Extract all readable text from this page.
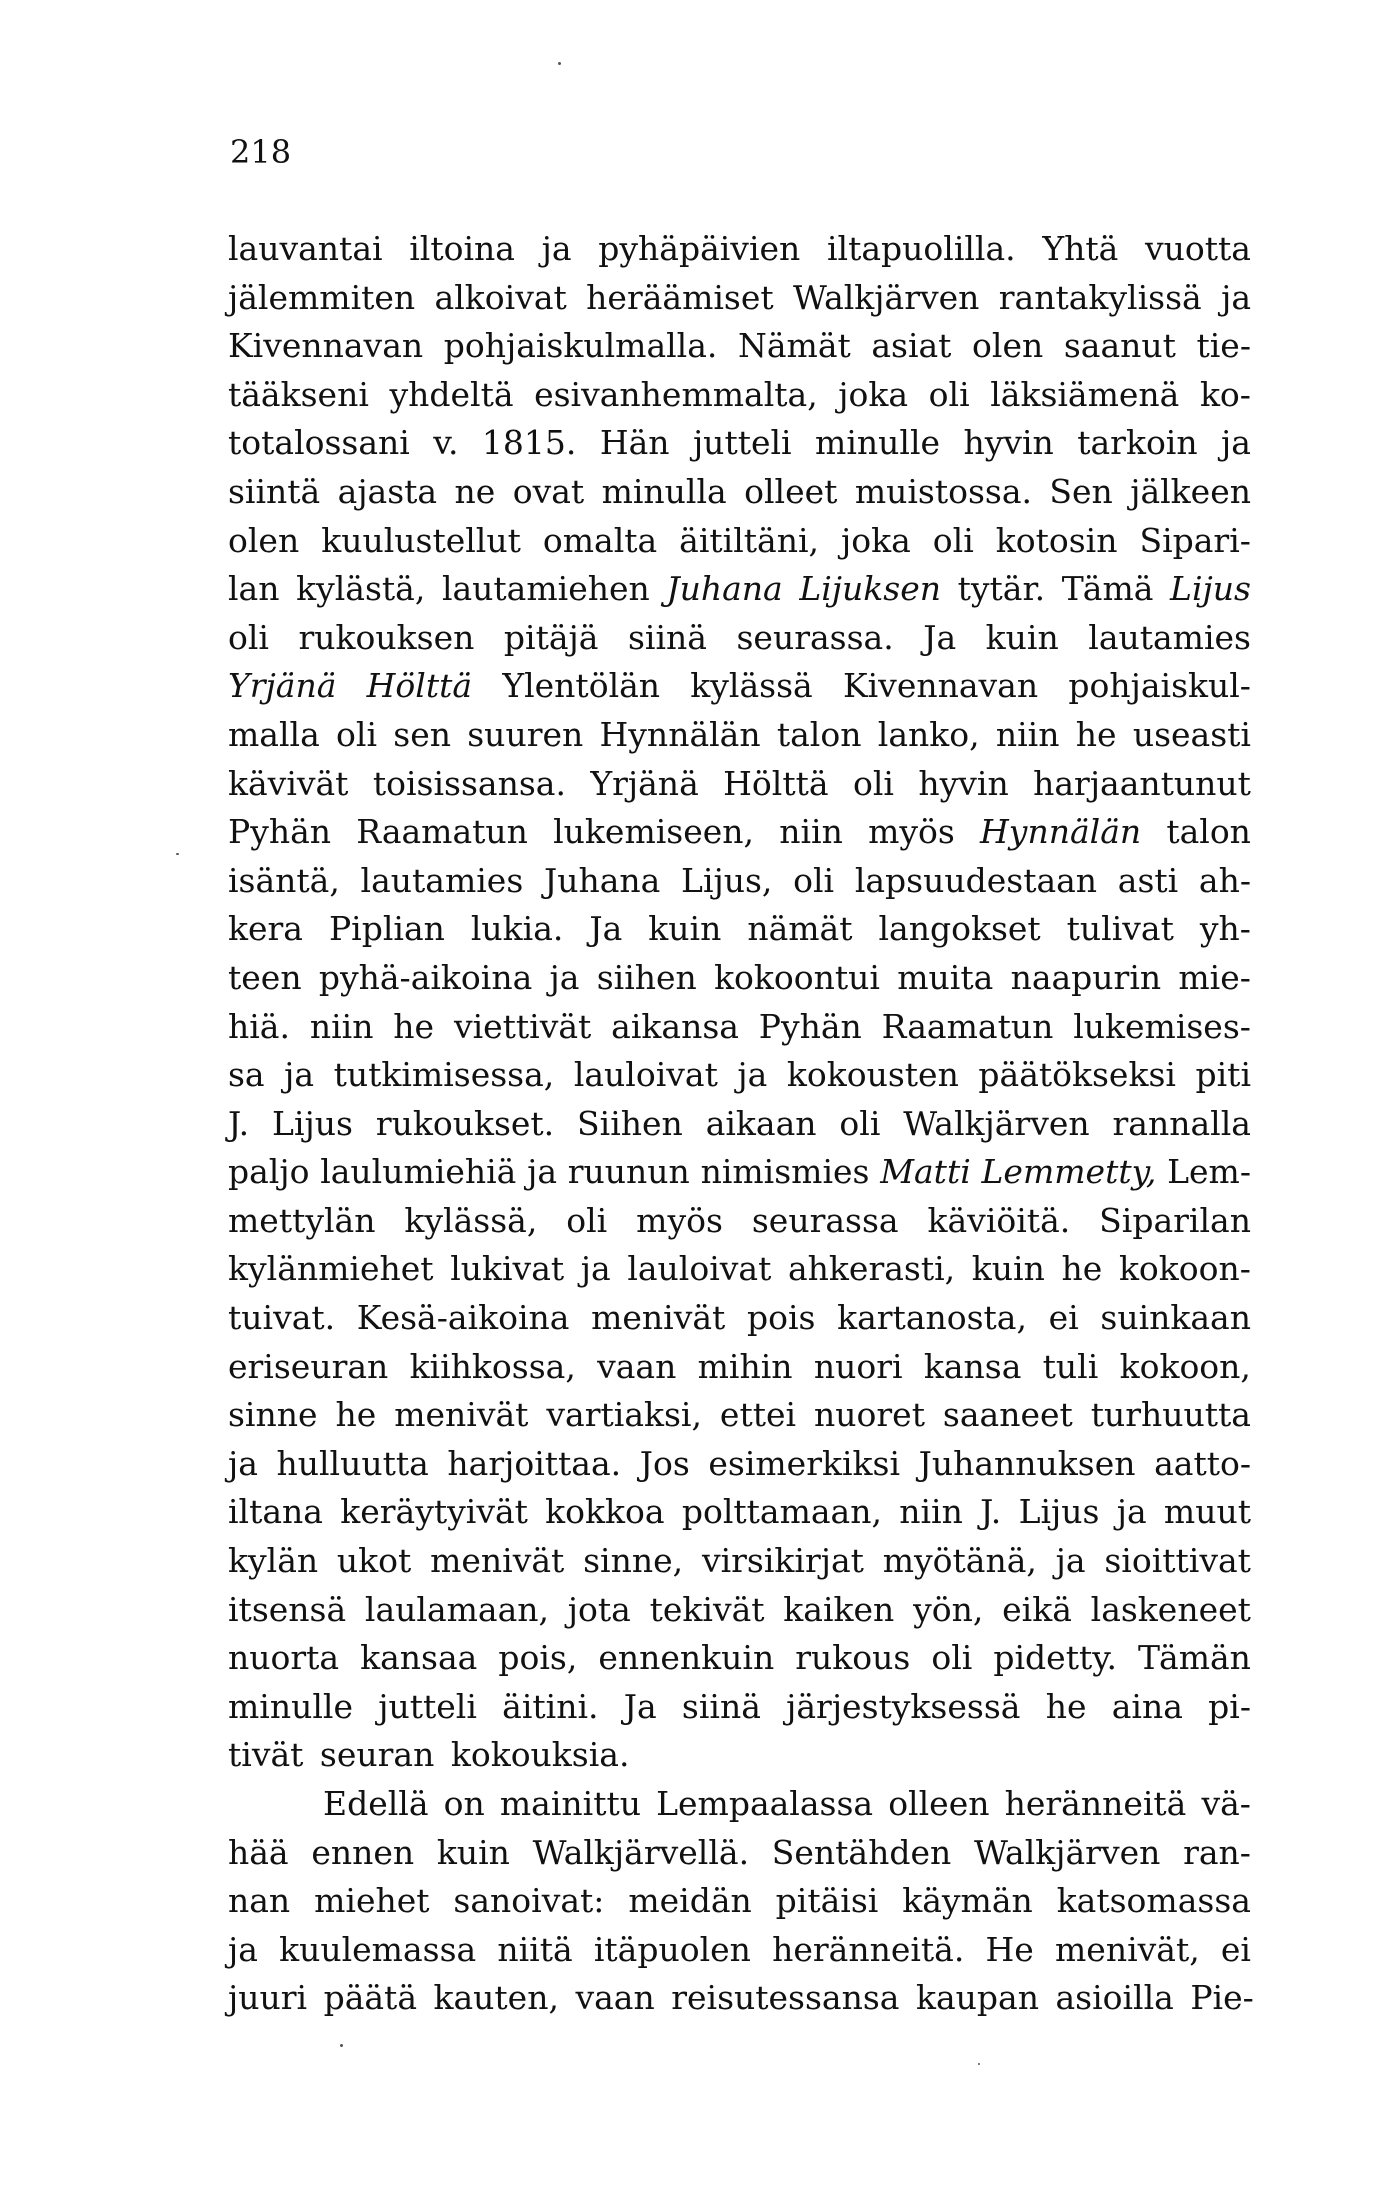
218
lauvantai iltoina ja pyhäpäivien iltapuolilla. Yhtä vuotta
jälemmiten alkoivat heräämiset Walkjärven rantakylissä ja
Kivennavan pohjaiskulmalla. Nämät asiat olen saanut tie-
tääkseni yhdeltä esivanhemmalta, joka oli läksiämenä ko-
totalossani v. 1815. Hän jutteli minulle hyvin tarkoin ja
siintä ajasta ne ovat minulla olleet muistossa. Sen jälkeen
olen kuulustellut omalta äitiltäni, joka oli kotosin Sipari-
lan kylästä, lautamiehen Juhana Lijuksen tytär. Tämä Lijus
oli rukouksen pitäjä siinä seurassa. Ja kuin lautamies
Yrjänä Hölttä Ylentölän kylässä Kivennavan pohjaiskul-
malla oli sen suuren Hynnälän talon lanko, niin he useasti
kävivät toisissansa. Yrjänä Hölttä oli hyvin harjaantunut
Pyhän Raamatun lukemiseen, niin myös Hynnälän talon
isäntä, lautamies Juhana Lijus, oli lapsuudestaan asti ah-
kera Piplian lukia. Ja kuin nämät langokset tulivat yh-
teen pyhä-aikoina ja siihen kokoontui muita naapurin mie-
hiä. niin he viettivät aikansa Pyhän Raamatun lukemises-
sa ja tutkimisessa, lauloivat ja kokousten päätökseksi piti
J. Lijus rukoukset. Siihen aikaan oli Walkjärven rannalla
paljo laulumiehiä ja ruunun nimismies Matti Lemmetty, Lem-
mettylän kylässä, oli myös seurassa käviöitä. Siparilan
kylänmiehet lukivat ja lauloivat ahkerasti, kuin he kokoon-
tuivat. Kesä-aikoina menivät pois kartanosta, ei suinkaan
eriseuran kiihkossa, vaan mihin nuori kansa tuli kokoon,
sinne he menivät vartiaksi, ettei nuoret saaneet turhuutta
ja hulluutta harjoittaa. Jos esimerkiksi Juhannuksen aatto-
iltana keräytyivät kokkoa polttamaan, niin J. Lijus ja muut
kylän ukot menivät sinne, virsikirjat myötänä, ja sioittivat
itsensä laulamaan, jota tekivät kaiken yön, eikä laskeneet
nuorta kansaa pois, ennenkuin rukous oli pidetty. Tämän
minulle jutteli äitini. Ja siinä järjestyksessä he aina pi-
tivät seuran kokouksia.
Edellä on mainittu Lempaalassa olleen heränneitä vä-
hää ennen kuin Walkjärvellä. Sentähden Walkjärven ran-
nan miehet sanoivat: meidän pitäisi käymän katsomassa
ja kuulemassa niitä itäpuolen heränneitä. He menivät, ei
juuri päätä kauten, vaan reisutessansa kaupan asioilla Pie-
